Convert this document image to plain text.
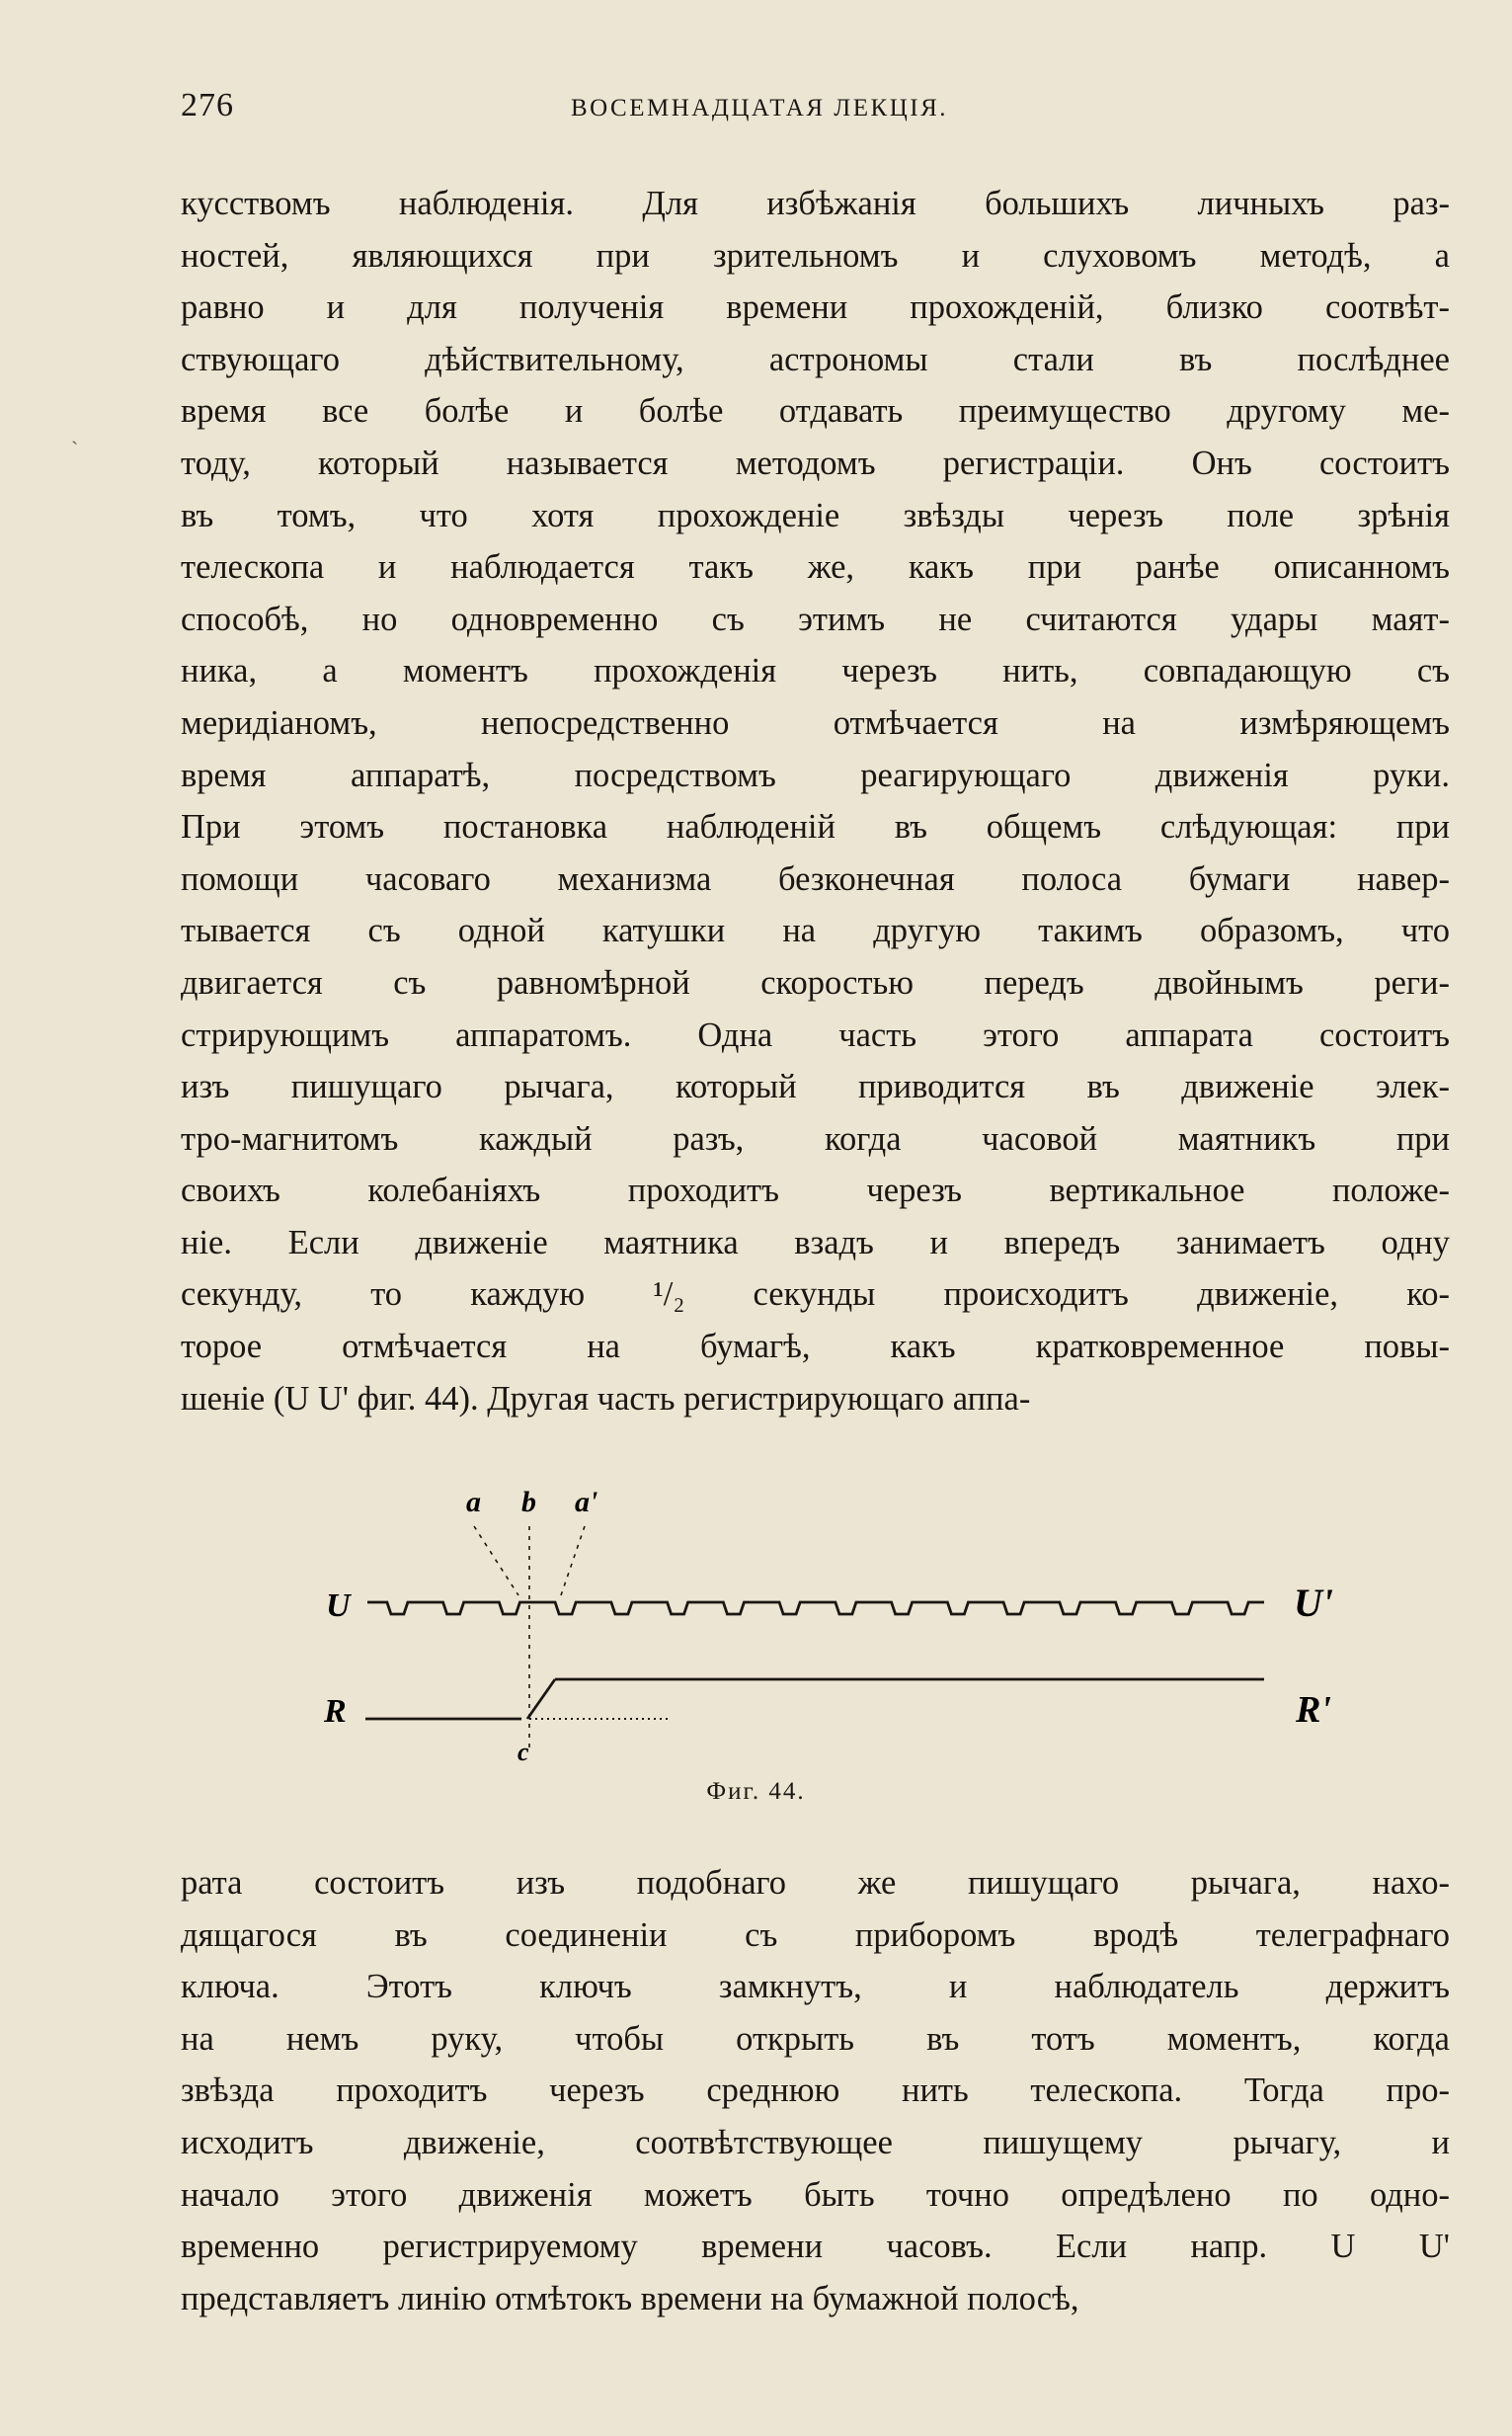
276	ВОСЕМНАДЦАТАЯ ЛЕКЦІЯ.
ˎ
кусствомъ наблюденія. Для избѣжанія большихъ личныхъ раз-
ностей, являющихся при зрительномъ и слуховомъ методѣ, а
равно и для полученія времени прохожденій, близко соотвѣт-
ствующаго дѣйствительному, астрономы стали въ послѣднее
время все болѣе и болѣе отдавать преимущество другому ме-
тоду, который называется методомъ регистраціи. Онъ состоитъ
въ томъ, что хотя прохожденіе звѣзды черезъ поле зрѣнія
телескопа и наблюдается такъ же, какъ при ранѣе описанномъ
способѣ, но одновременно съ этимъ не считаются удары маят-
ника, а моментъ прохожденія черезъ нить, совпадающую съ
меридіаномъ, непосредственно отмѣчается на измѣряющемъ
время аппаратѣ, посредствомъ реагирующаго движенія руки.
При этомъ постановка наблюденій въ общемъ слѣдующая: при
помощи часоваго механизма безконечная полоса бумаги навер-
тывается съ одной катушки на другую такимъ образомъ, что
двигается съ равномѣрной скоростью передъ двойнымъ реги-
стрирующимъ аппаратомъ. Одна часть этого аппарата состоитъ
изъ пишущаго рычага, который приводится въ движеніе элек-
тро-магнитомъ каждый разъ, когда часовой маятникъ при
своихъ колебаніяхъ проходитъ черезъ вертикальное положе-
ніе. Если движеніе маятника взадъ и впередъ занимаетъ одну
секунду, то каждую ¹/₂ секунды происходитъ движеніе, ко-
торое отмѣчается на бумагѣ, какъ кратковременное повы-
шеніе (U U' фиг. 44). Другая часть регистрирующаго аппа-
a b a'
U	U'
R	R'
c
Фиг. 44.
рата состоитъ изъ подобнаго же пишущаго рычага, нахо-
дящагося въ соединеніи съ приборомъ вродѣ телеграфнаго
ключа. Этотъ ключъ замкнутъ, и наблюдатель держитъ
на немъ руку, чтобы открыть въ тотъ моментъ, когда
звѣзда проходитъ черезъ среднюю нить телескопа. Тогда про-
исходитъ движеніе, соотвѣтствующее пишущему рычагу, и
начало этого движенія можетъ быть точно опредѣлено по одно-
временно регистрируемому времени часовъ. Если напр. U U'
представляетъ линію отмѣтокъ времени на бумажной полосѣ,
